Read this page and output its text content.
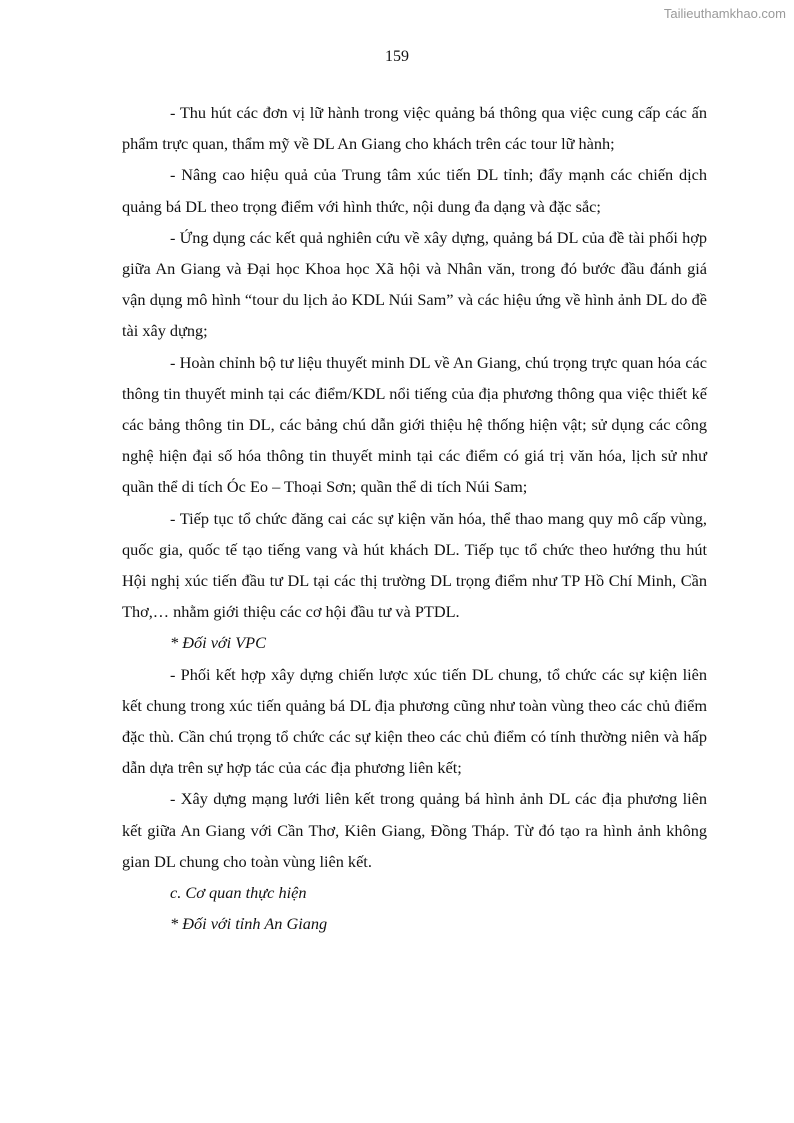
Tailieuthamkhao.com
159

- Thu hút các đơn vị lữ hành trong việc quảng bá thông qua việc cung cấp các ấn phẩm trực quan, thẩm mỹ về DL An Giang cho khách trên các tour lữ hành;

- Nâng cao hiệu quả của Trung tâm xúc tiến DL tỉnh; đẩy mạnh các chiến dịch quảng bá DL theo trọng điểm với hình thức, nội dung đa dạng và đặc sắc;

- Ứng dụng các kết quả nghiên cứu về xây dựng, quảng bá DL của đề tài phối hợp giữa An Giang và Đại học Khoa học Xã hội và Nhân văn, trong đó bước đầu đánh giá vận dụng mô hình “tour du lịch ảo KDL Núi Sam” và các hiệu ứng về hình ảnh DL do đề tài xây dựng;

- Hoàn chỉnh bộ tư liệu thuyết minh DL về An Giang, chú trọng trực quan hóa các thông tin thuyết minh tại các điểm/KDL nổi tiếng của địa phương thông qua việc thiết kế các bảng thông tin DL, các bảng chú dẫn giới thiệu hệ thống hiện vật; sử dụng các công nghệ hiện đại số hóa thông tin thuyết minh tại các điểm có giá trị văn hóa, lịch sử như quần thể di tích Óc Eo – Thoại Sơn; quần thể di tích Núi Sam;

- Tiếp tục tổ chức đăng cai các sự kiện văn hóa, thể thao mang quy mô cấp vùng, quốc gia, quốc tế tạo tiếng vang và hút khách DL. Tiếp tục tổ chức theo hướng thu hút Hội nghị xúc tiến đầu tư DL tại các thị trường DL trọng điểm như TP Hồ Chí Minh, Cần Thơ,… nhằm giới thiệu các cơ hội đầu tư và PTDL.

* Đối với VPC

- Phối kết hợp xây dựng chiến lược xúc tiến DL chung, tổ chức các sự kiện liên kết chung trong xúc tiến quảng bá DL địa phương cũng như toàn vùng theo các chủ điểm đặc thù. Cần chú trọng tổ chức các sự kiện theo các chủ điểm có tính thường niên và hấp dẫn dựa trên sự hợp tác của các địa phương liên kết;

- Xây dựng mạng lưới liên kết trong quảng bá hình ảnh DL các địa phương liên kết giữa An Giang với Cần Thơ, Kiên Giang, Đồng Tháp. Từ đó tạo ra hình ảnh không gian DL chung cho toàn vùng liên kết.

c. Cơ quan thực hiện

* Đối với tỉnh An Giang
